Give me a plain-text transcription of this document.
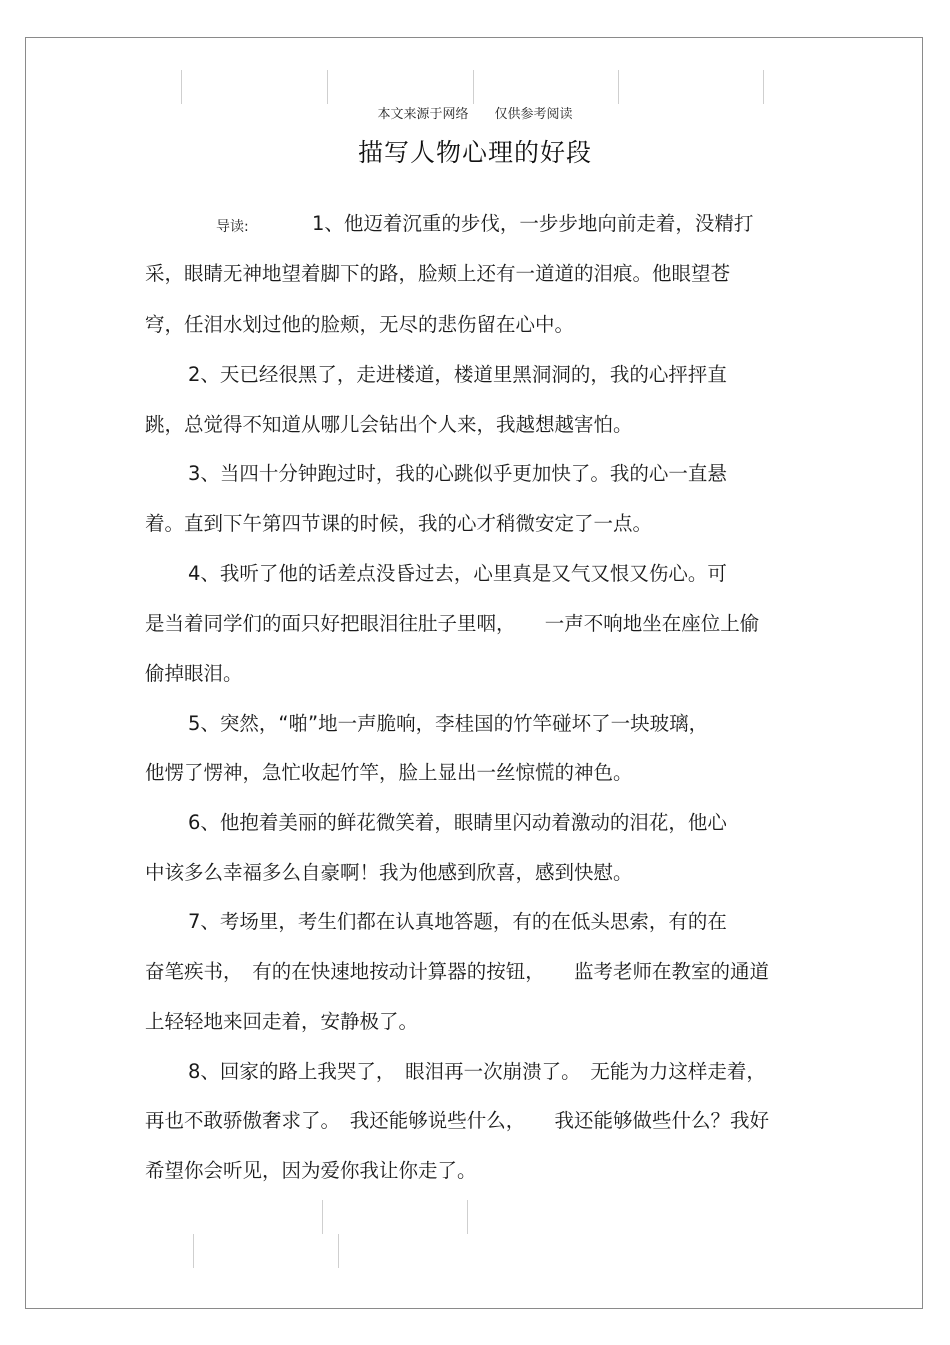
本文来源于网络 仅供参考阅读
描写人物心理的好段
导读:	1、他迈着沉重的步伐，一步步地向前走着，没精打
采，眼睛无神地望着脚下的路，脸颊上还有一道道的泪痕。他眼望苍
穹，任泪水划过他的脸颊，无尽的悲伤留在心中。
2、天已经很黑了，走进楼道，楼道里黑洞洞的，我的心抨抨直
跳，总觉得不知道从哪儿会钻出个人来，我越想越害怕。
3、当四十分钟跑过时，我的心跳似乎更加快了。我的心一直悬
着。直到下午第四节课的时候，我的心才稍微安定了一点。
4、我听了他的话差点没昏过去，心里真是又气又恨又伤心。可
是当着同学们的面只好把眼泪往肚子里咽，　　一声不响地坐在座位上偷
偷掉眼泪。
5、突然，“啪”地一声脆响，李桂国的竹竿碰坏了一块玻璃，
他愣了愣神，急忙收起竹竿，脸上显出一丝惊慌的神色。
6、他抱着美丽的鲜花微笑着，眼睛里闪动着激动的泪花，他心
中该多么幸福多么自豪啊！我为他感到欣喜，感到快慰。
7、考场里，考生们都在认真地答题，有的在低头思索，有的在
奋笔疾书，　有的在快速地按动计算器的按钮，　　监考老师在教室的通道
上轻轻地来回走着，安静极了。
8、回家的路上我哭了，　眼泪再一次崩溃了。　无能为力这样走着，
再也不敢骄傲奢求了。　我还能够说些什么，　　我还能够做些什么？我好
希望你会听见，因为爱你我让你走了。
